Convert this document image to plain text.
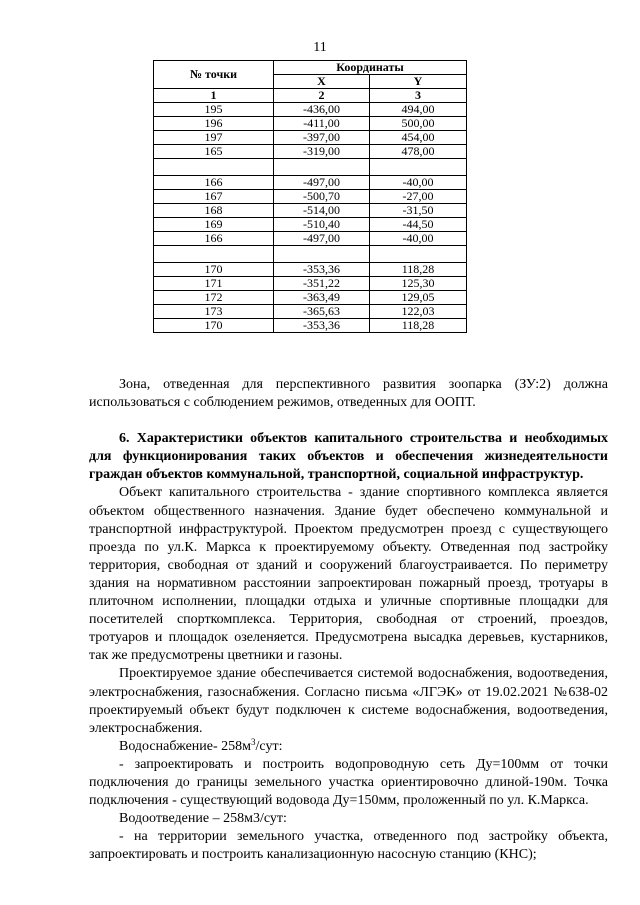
11
№ точки	Координаты	
	X	Y
1	2	3
195	-436,00	494,00
196	-411,00	500,00
197	-397,00	454,00
165	-319,00	478,00

166	-497,00	-40,00
167	-500,70	-27,00
168	-514,00	-31,50
169	-510,40	-44,50
166	-497,00	-40,00

170	-353,36	118,28
171	-351,22	125,30
172	-363,49	129,05
173	-365,63	122,03
170	-353,36	118,28

Зона, отведенная для перспективного развития зоопарка (ЗУ:2) должна использоваться с соблюдением режимов, отведенных для ООПТ.

6. Характеристики объектов капитального строительства и необходимых для функционирования таких объектов и обеспечения жизнедеятельности граждан объектов коммунальной, транспортной, социальной инфраструктур.

Объект капитального строительства - здание спортивного комплекса является объектом общественного назначения. Здание будет обеспечено коммунальной и транспортной инфраструктурой. Проектом предусмотрен проезд с существующего проезда по ул.К. Маркса к проектируемому объекту. Отведенная под застройку территория, свободная от зданий и сооружений благоустраивается. По периметру здания на нормативном расстоянии запроектирован пожарный проезд, тротуары в плиточном исполнении, площадки отдыха и уличные спортивные площадки для посетителей спорткомплекса. Территория, свободная от строений, проездов, тротуаров и площадок озеленяется. Предусмотрена высадка деревьев, кустарников, так же предусмотрены цветники и газоны.

Проектируемое здание обеспечивается системой водоснабжения, водоотведения, электроснабжения, газоснабжения. Согласно письма «ЛГЭК» от 19.02.2021 №638-02 проектируемый объект будут подключен к системе водоснабжения, водоотведения, электроснабжения.

Водоснабжение- $258м^3$/сут:

- запроектировать и построить водопроводную сеть Ду=100мм от точки подключения до границы земельного участка ориентировочно длиной-190м. Точка подключения - существующий водовода Ду=150мм, проложенный по ул. К.Маркса.

Водоотведение – 258м3/сут:

- на территории земельного участка, отведенного под застройку объекта, запроектировать и построить канализационную насосную станцию (КНС);
